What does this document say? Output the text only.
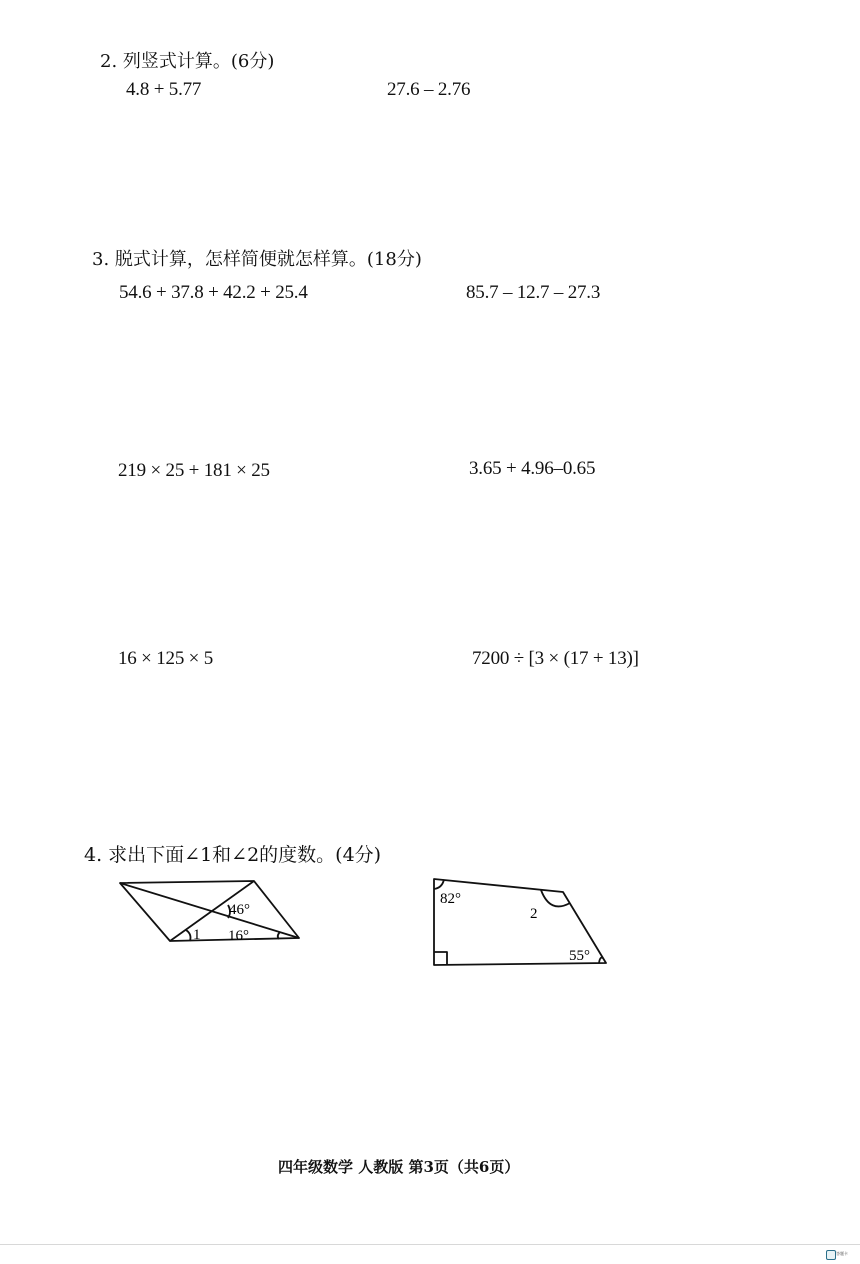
2. 列竖式计算。(6分)
4.8 + 5.77	27.6 – 2.76
3. 脱式计算，怎样简便就怎样算。(18分)
54.6 + 37.8 + 42.2 + 25.4	85.7 – 12.7 – 27.3
219 × 25 + 181 × 25	3.65 + 4.96–0.65
16 × 125 × 5	7200 ÷ [3 × (17 + 13)]
4. 求出下面∠1和∠2的度数。(4分)
46°
1 16°
82°
2
55°
四年级数学 人教版 第3页（共6页）
答题卡
